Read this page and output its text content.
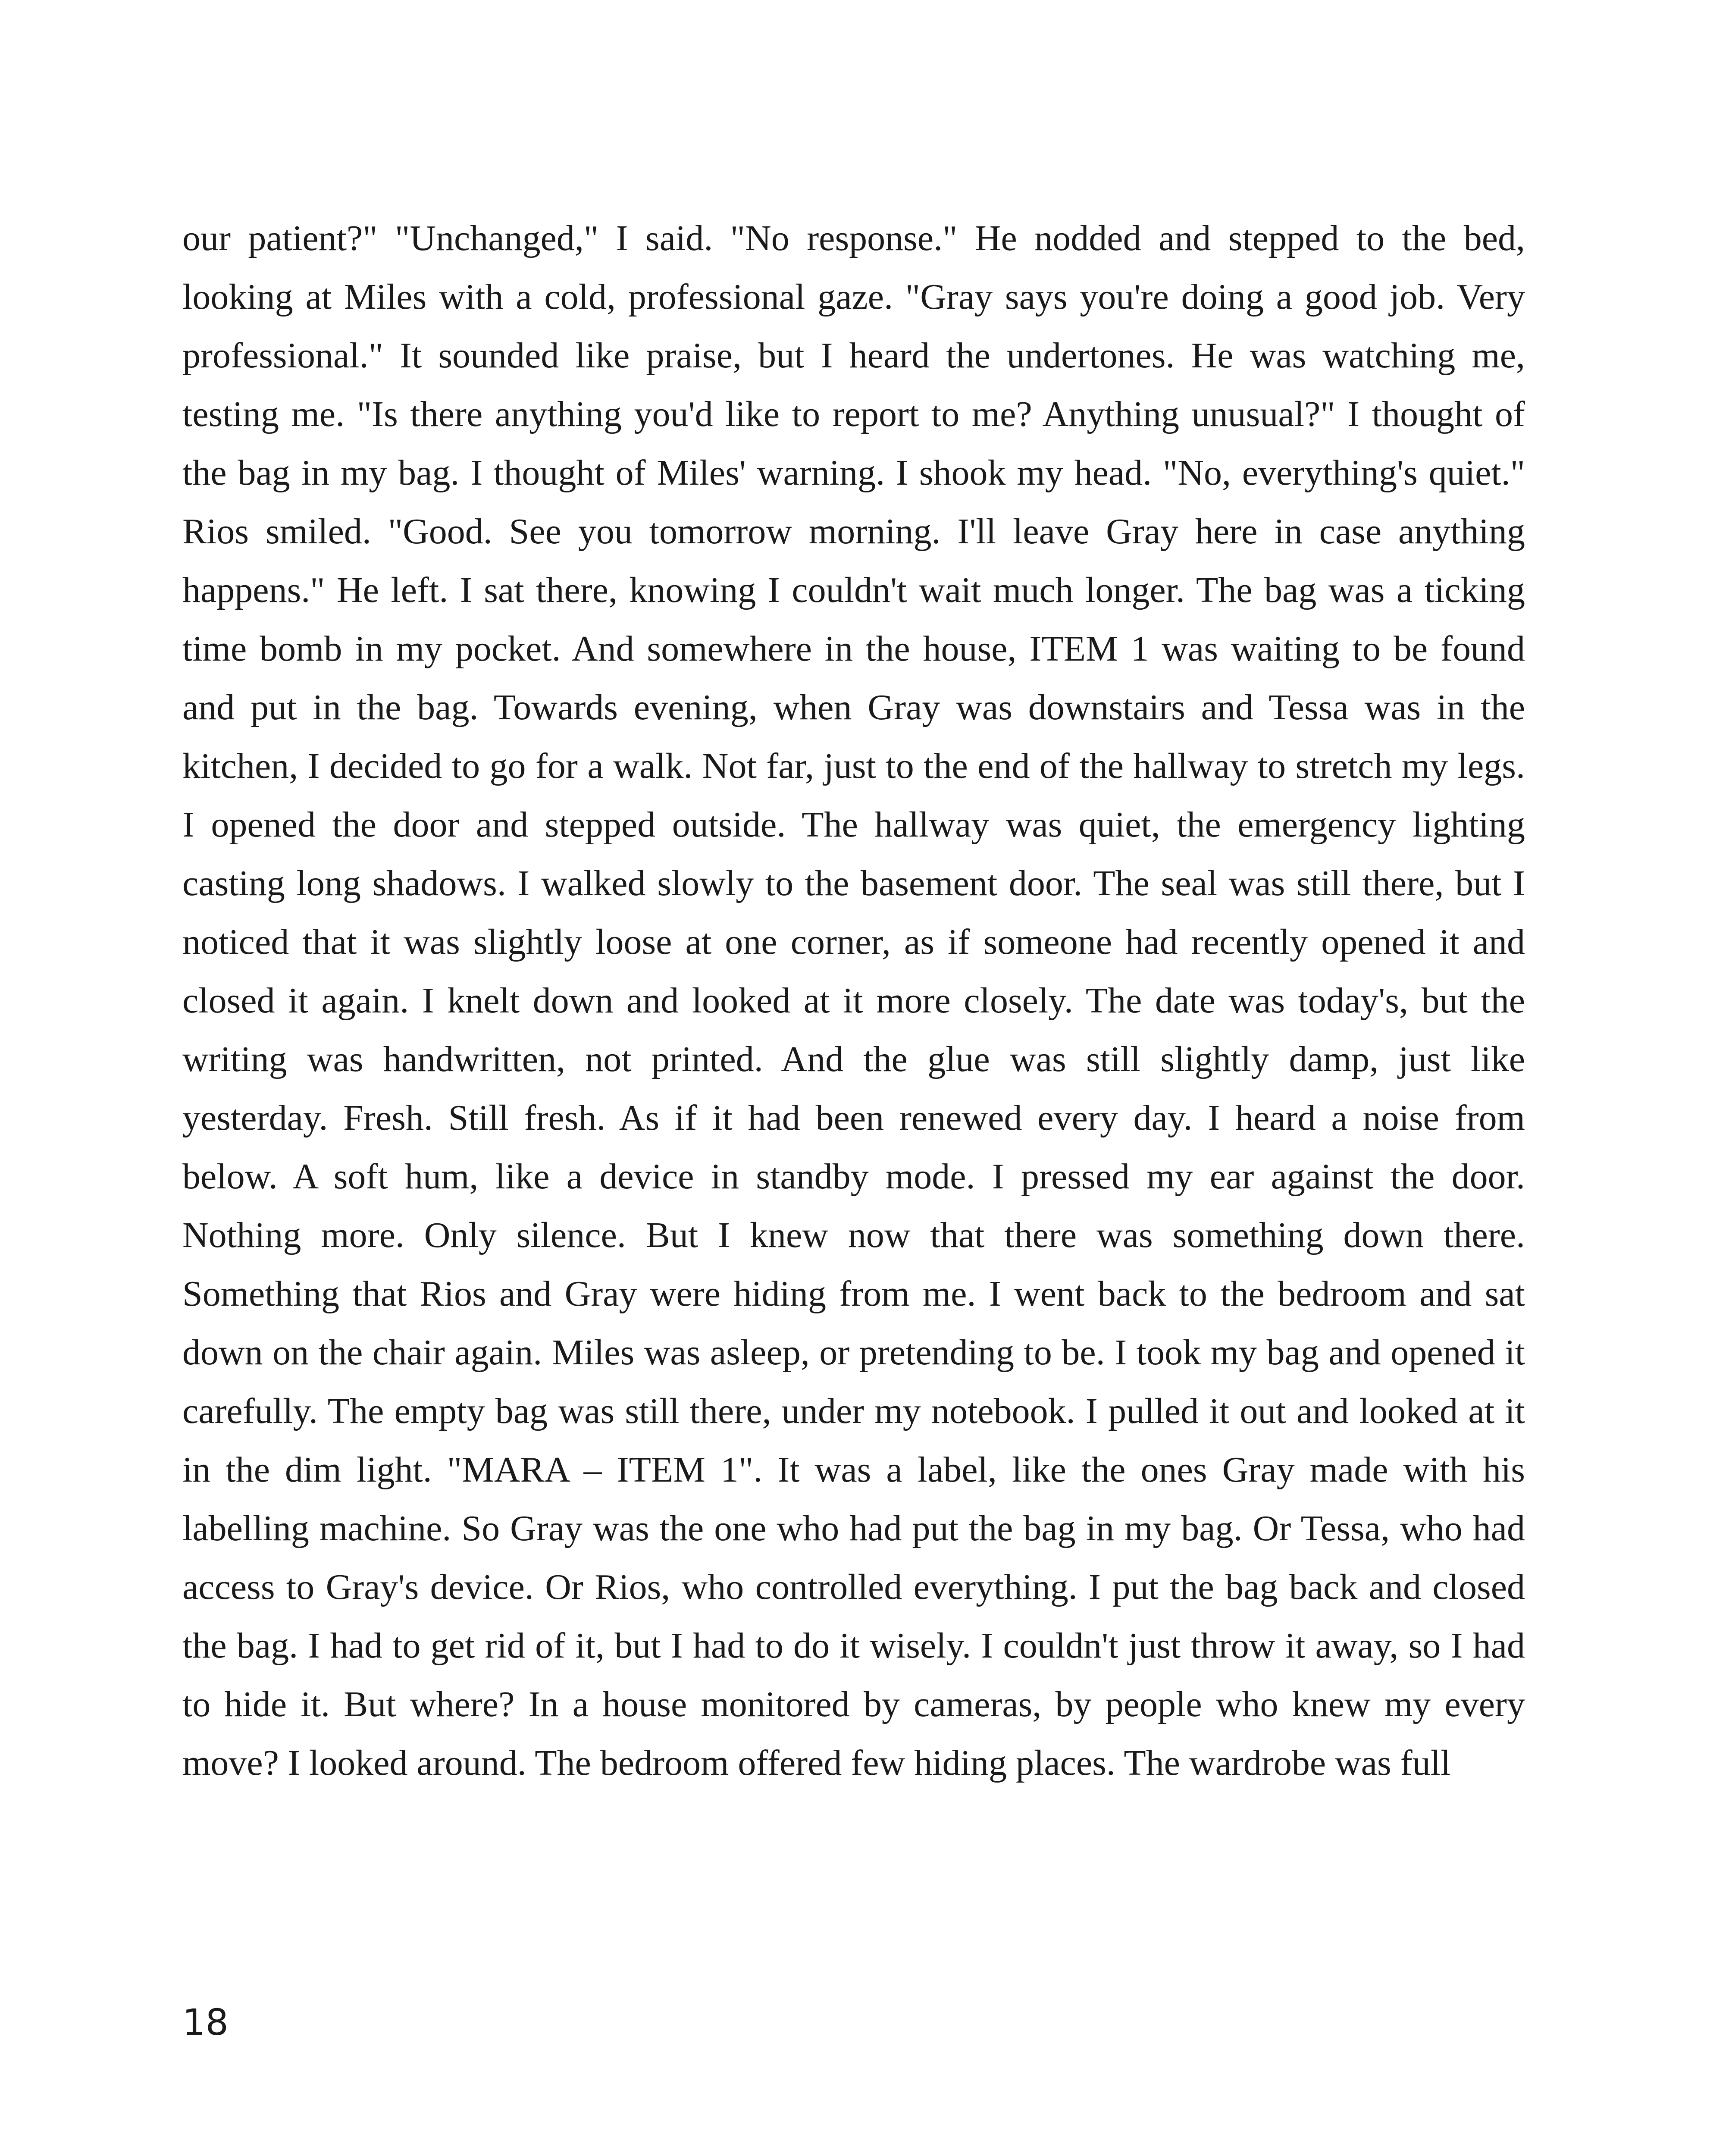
our patient?" "Unchanged," I said. "No response." He nodded and stepped to the bed, looking at Miles with a cold, professional gaze. "Gray says you're doing a good job. Very professional." It sounded like praise, but I heard the undertones. He was watching me, testing me. "Is there anything you'd like to report to me? Anything unusual?" I thought of the bag in my bag. I thought of Miles' warning. I shook my head. "No, everything's quiet." Rios smiled. "Good. See you tomorrow morning. I'll leave Gray here in case anything happens." He left. I sat there, knowing I couldn't wait much longer. The bag was a ticking time bomb in my pocket. And somewhere in the house, ITEM 1 was waiting to be found and put in the bag. Towards evening, when Gray was downstairs and Tessa was in the kitchen, I decided to go for a walk. Not far, just to the end of the hallway to stretch my legs. I opened the door and stepped outside. The hallway was quiet, the emergency lighting casting long shadows. I walked slowly to the basement door. The seal was still there, but I noticed that it was slightly loose at one corner, as if someone had recently opened it and closed it again. I knelt down and looked at it more closely. The date was today's, but the writing was handwritten, not printed. And the glue was still slightly damp, just like yesterday. Fresh. Still fresh. As if it had been renewed every day. I heard a noise from below. A soft hum, like a device in standby mode. I pressed my ear against the door. Nothing more. Only silence. But I knew now that there was something down there. Something that Rios and Gray were hiding from me. I went back to the bedroom and sat down on the chair again. Miles was asleep, or pretending to be. I took my bag and opened it carefully. The empty bag was still there, under my notebook. I pulled it out and looked at it in the dim light. "MARA – ITEM 1". It was a label, like the ones Gray made with his labelling machine. So Gray was the one who had put the bag in my bag. Or Tessa, who had access to Gray's device. Or Rios, who controlled everything. I put the bag back and closed the bag. I had to get rid of it, but I had to do it wisely. I couldn't just throw it away, so I had to hide it. But where? In a house monitored by cameras, by people who knew my every move? I looked around. The bedroom offered few hiding places. The wardrobe was full

18
